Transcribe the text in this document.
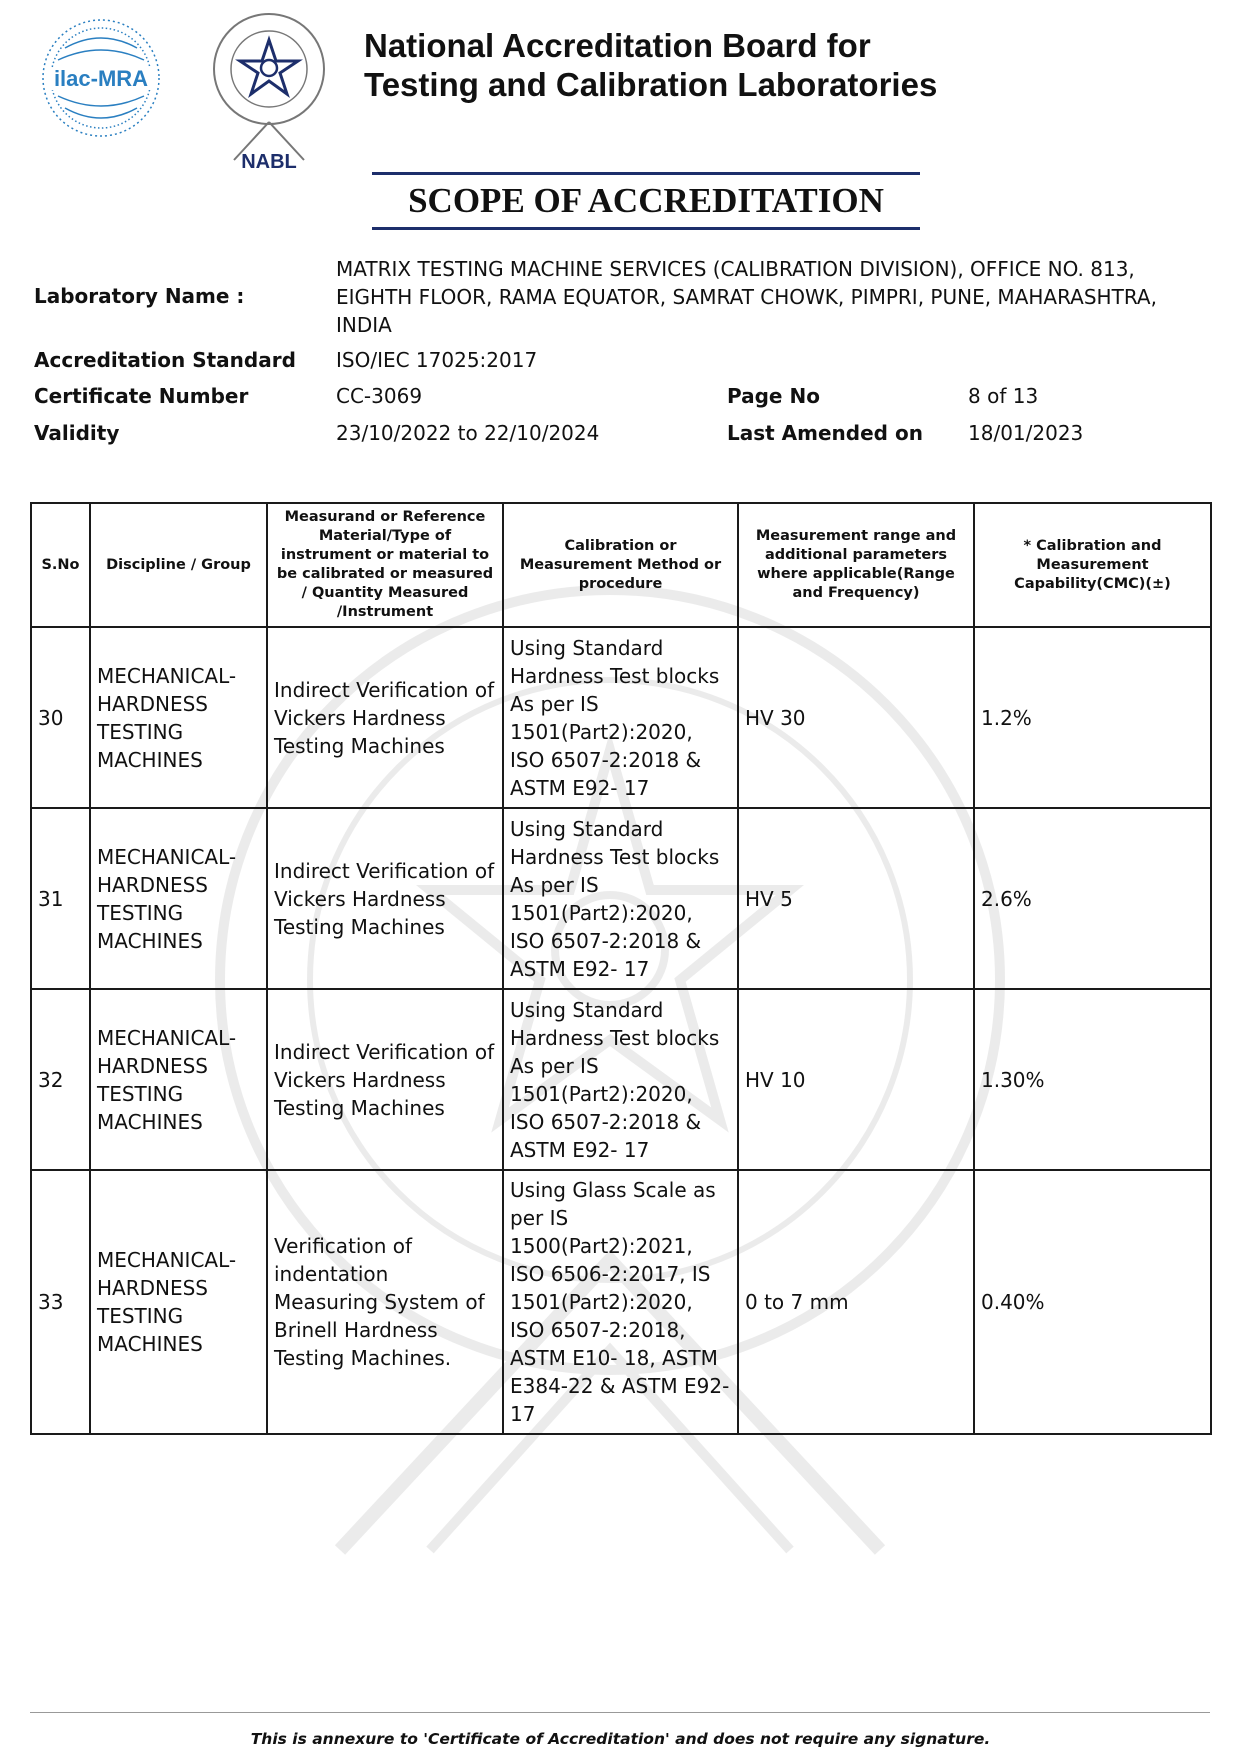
ilac-MRA
NABL
National Accreditation Board for
Testing and Calibration Laboratories
SCOPE OF ACCREDITATION
Laboratory Name :
MATRIX TESTING MACHINE SERVICES (CALIBRATION DIVISION), OFFICE NO. 813,
EIGHTH FLOOR, RAMA EQUATOR, SAMRAT CHOWK, PIMPRI, PUNE, MAHARASHTRA,
INDIA
Accreditation Standard ISO/IEC 17025:2017
Certificate Number	CC-3069	Page No	8 of 13
Validity	23/10/2022 to 22/10/2024	Last Amended on 18/01/2023
S.No	Discipline / Group	Measurand or Reference Material/Type of instrument or material to be calibrated or measured / Quantity Measured /Instrument	Calibration or Measurement Method or procedure	Measurement range and additional parameters where applicable(Range and Frequency)	* Calibration and Measurement Capability(CMC)(±)
30	MECHANICAL- HARDNESS TESTING MACHINES	Indirect Verification of Vickers Hardness Testing Machines	Using Standard Hardness Test blocks As per IS 1501(Part2):2020, ISO 6507-2:2018 & ASTM E92- 17	HV 30	1.2%
31	MECHANICAL- HARDNESS TESTING MACHINES	Indirect Verification of Vickers Hardness Testing Machines	Using Standard Hardness Test blocks As per IS 1501(Part2):2020, ISO 6507-2:2018 & ASTM E92- 17	HV 5	2.6%
32	MECHANICAL- HARDNESS TESTING MACHINES	Indirect Verification of Vickers Hardness Testing Machines	Using Standard Hardness Test blocks As per IS 1501(Part2):2020, ISO 6507-2:2018 & ASTM E92- 17	HV 10	1.30%
33	MECHANICAL- HARDNESS TESTING MACHINES	Verification of indentation Measuring System of Brinell Hardness Testing Machines.	Using Glass Scale as per IS 1500(Part2):2021, ISO 6506-2:2017, IS 1501(Part2):2020, ISO 6507-2:2018, ASTM E10- 18, ASTM E384-22 & ASTM E92- 17	0 to 7 mm	0.40%
This is annexure to 'Certificate of Accreditation' and does not require any signature.
